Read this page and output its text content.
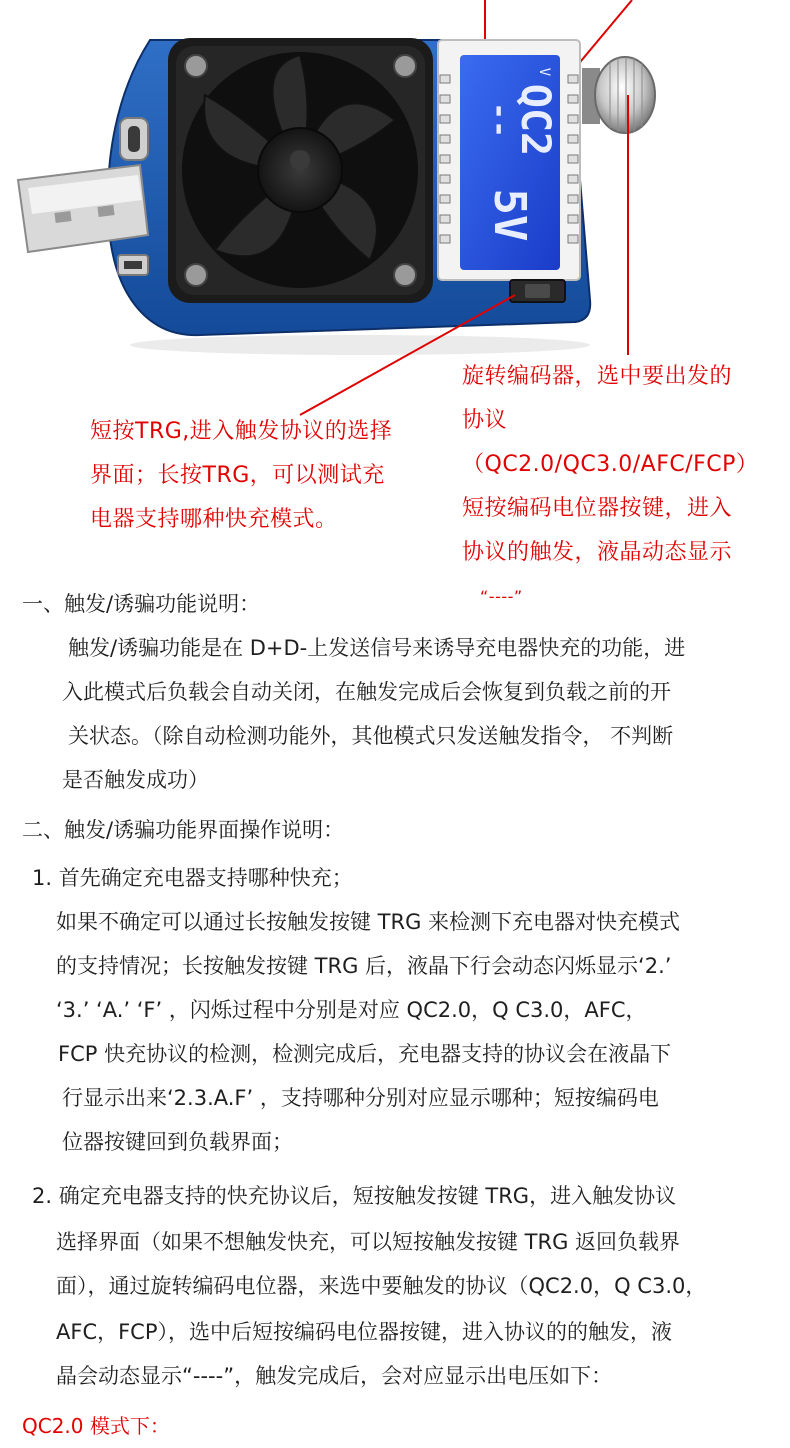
QC2
--
5V
V
短按TRG,进入触发协议的选择
界面；长按TRG，可以测试充
电器支持哪种快充模式。
旋转编码器，选中要出发的
协议（QC2.0/QC3.0/AFC/FCP）
短按编码电位器按键，进入
协议的触发，液晶动态显示
“----”
一、触发/诱骗功能说明：
触发/诱骗功能是在 D+D-上发送信号来诱导充电器快充的功能，进
入此模式后负载会自动关闭，在触发完成后会恢复到负载之前的开
关状态。（除自动检测功能外，其他模式只发送触发指令， 不判断
是否触发成功）
二、触发/诱骗功能界面操作说明：
1. 首先确定充电器支持哪种快充；
如果不确定可以通过长按触发按键 TRG 来检测下充电器对快充模式
的支持情况；长按触发按键 TRG 后，液晶下行会动态闪烁显示‘2.’
‘3.’ ‘A.’ ‘F’ ，闪烁过程中分别是对应 QC2.0，Q C3.0，AFC，
FCP 快充协议的检测，检测完成后，充电器支持的协议会在液晶下
行显示出来‘2.3.A.F’ ，支持哪种分别对应显示哪种；短按编码电
位器按键回到负载界面；
2. 确定充电器支持的快充协议后，短按触发按键 TRG，进入触发协议
选择界面（如果不想触发快充，可以短按触发按键 TRG 返回负载界
面），通过旋转编码电位器，来选中要触发的协议（QC2.0，Q C3.0，
AFC，FCP），选中后短按编码电位器按键，进入协议的的触发，液
晶会动态显示“----”，触发完成后，会对应显示出电压如下：
QC2.0 模式下：
